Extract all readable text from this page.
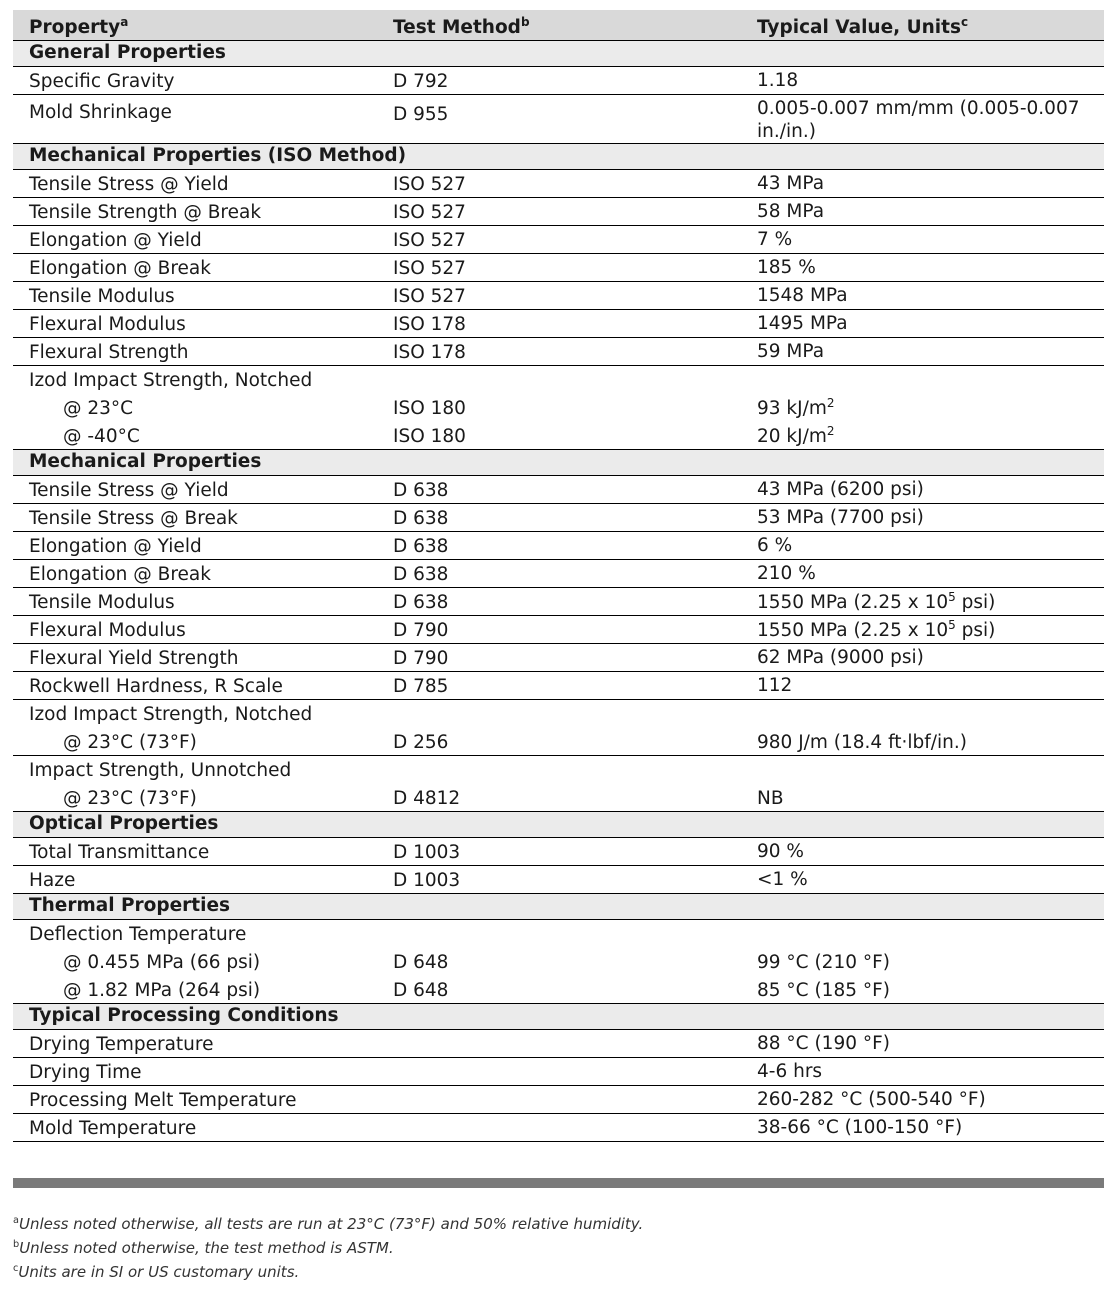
Property$^a$	Test Method$^b$	Typical Value, Units$^c$
General Properties		
Specific Gravity	D 792	1.18
Mold Shrinkage	D 955	0.005-0.007 mm/mm (0.005-0.007 in./in.)
Mechanical Properties (ISO Method)		
Tensile Stress @ Yield	ISO 527	43 MPa
Tensile Strength @ Break	ISO 527	58 MPa
Elongation @ Yield	ISO 527	7 %
Elongation @ Break	ISO 527	185 %
Tensile Modulus	ISO 527	1548 MPa
Flexural Modulus	ISO 178	1495 MPa
Flexural Strength	ISO 178	59 MPa
Izod Impact Strength, Notched		
@ 23°C	ISO 180	93 $kJ/m^2$
@ -40°C	ISO 180	20 $kJ/m^2$
Mechanical Properties		
Tensile Stress @ Yield	D 638	43 MPa (6200 psi)
Tensile Stress @ Break	D 638	53 MPa (7700 psi)
Elongation @ Yield	D 638	6 %
Elongation @ Break	D 638	210 %
Tensile Modulus	D 638	1550 MPa (2.25 x $10^5$ psi)
Flexural Modulus	D 790	1550 MPa (2.25 x $10^5$ psi)
Flexural Yield Strength	D 790	62 MPa (9000 psi)
Rockwell Hardness, R Scale	D 785	112
Izod Impact Strength, Notched		
@ 23°C (73°F)	D 256	980 J/m (18.4 ft·lbf/in.)
Impact Strength, Unnotched		
@ 23°C (73°F)	D 4812	NB
Optical Properties		
Total Transmittance	D 1003	90 %
Haze	D 1003	<1 %
Thermal Properties		
Deflection Temperature		
@ 0.455 MPa (66 psi)	D 648	99 °C (210 °F)
@ 1.82 MPa (264 psi)	D 648	85 °C (185 °F)
Typical Processing Conditions		
Drying Temperature		88 °C (190 °F)
Drying Time		4-6 hrs
Processing Melt Temperature		260-282 °C (500-540 °F)
Mold Temperature		38-66 °C (100-150 °F)
$^a$Unless noted otherwise, all tests are run at 23°C (73°F) and 50% relative humidity.
$^b$Unless noted otherwise, the test method is ASTM.
$^c$Units are in SI or US customary units.
